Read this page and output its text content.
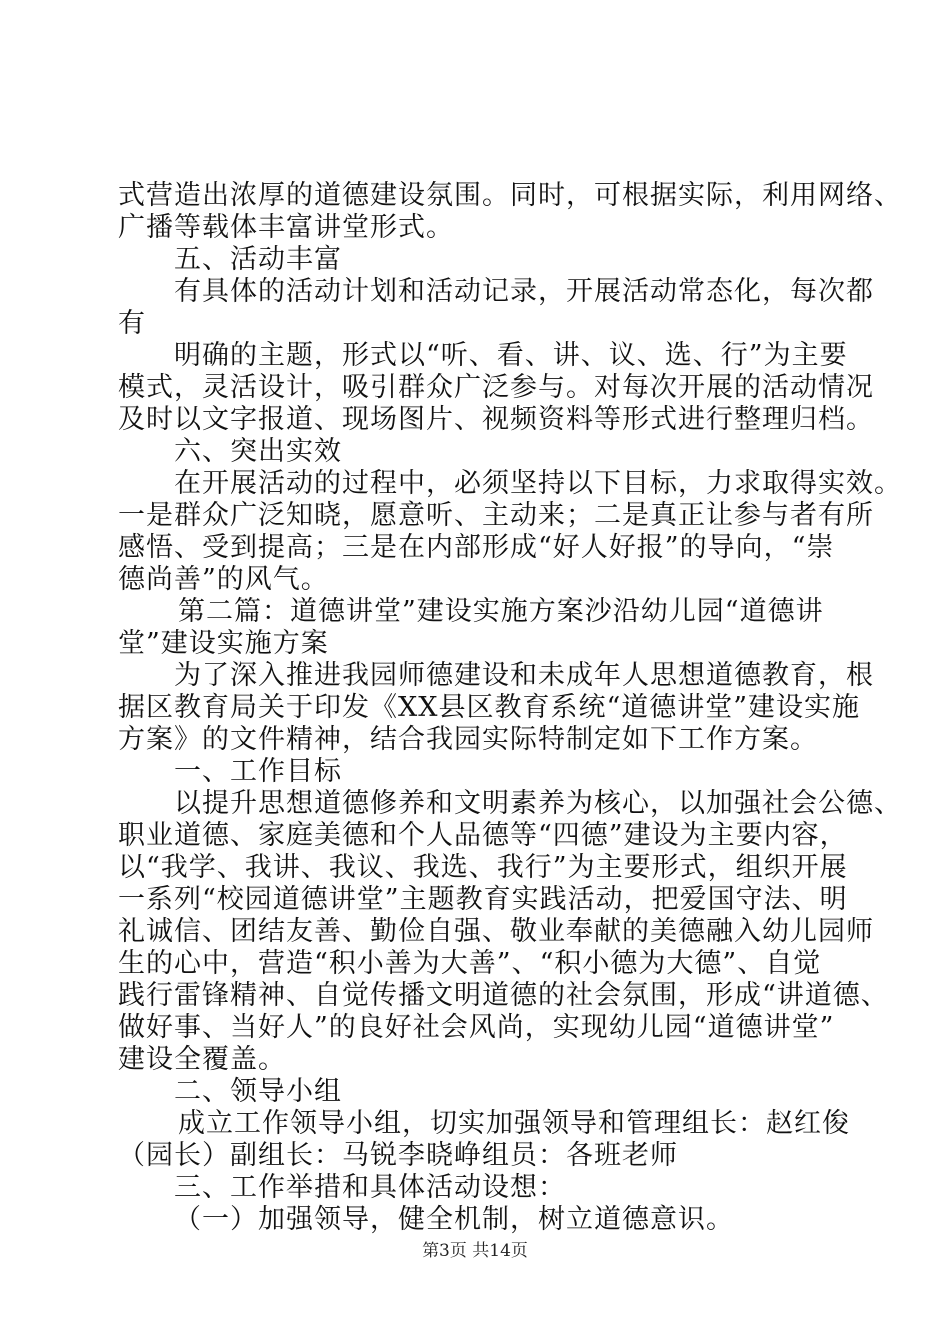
式营造出浓厚的道德建设氛围。同时，可根据实际，利用网络、
广播等载体丰富讲堂形式。
五、活动丰富
有具体的活动计划和活动记录，开展活动常态化，每次都
有
明确的主题，形式以“听、看、讲、议、选、行”为主要
模式，灵活设计，吸引群众广泛参与。对每次开展的活动情况
及时以文字报道、现场图片、视频资料等形式进行整理归档。
六、突出实效
在开展活动的过程中，必须坚持以下目标，力求取得实效。
一是群众广泛知晓，愿意听、主动来；二是真正让参与者有所
感悟、受到提高；三是在内部形成“好人好报”的导向，“崇
德尚善”的风气。
第二篇：道德讲堂”建设实施方案沙沿幼儿园“道德讲
堂”建设实施方案
为了深入推进我园师德建设和未成年人思想道德教育，根
据区教育局关于印发《XX县区教育系统“道德讲堂”建设实施
方案》的文件精神，结合我园实际特制定如下工作方案。
一、工作目标
以提升思想道德修养和文明素养为核心，以加强社会公德、
职业道德、家庭美德和个人品德等“四德”建设为主要内容，
以“我学、我讲、我议、我选、我行”为主要形式，组织开展
一系列“校园道德讲堂”主题教育实践活动，把爱国守法、明
礼诚信、团结友善、勤俭自强、敬业奉献的美德融入幼儿园师
生的心中，营造“积小善为大善”、“积小德为大德”、自觉
践行雷锋精神、自觉传播文明道德的社会氛围，形成“讲道德、
做好事、当好人”的良好社会风尚，实现幼儿园“道德讲堂”
建设全覆盖。
二、领导小组
成立工作领导小组，切实加强领导和管理组长：赵红俊
（园长）副组长：马锐李晓峥组员：各班老师
三、工作举措和具体活动设想：
（一）加强领导，健全机制，树立道德意识。
第3页 共14页
